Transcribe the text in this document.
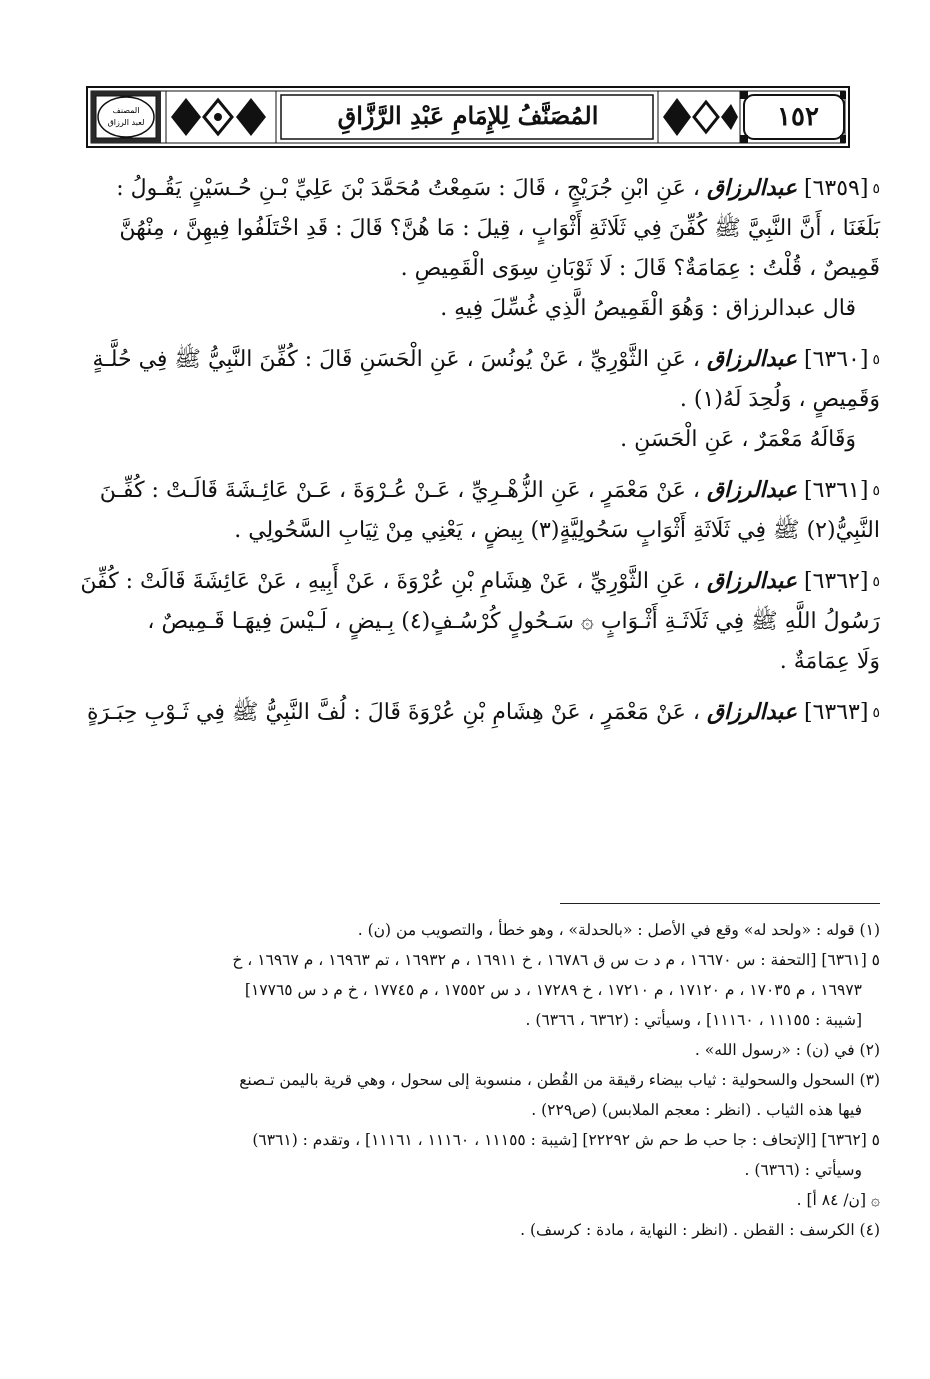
المصنف
لعبد الرزاق	المُصَنَّفُ لِلإِمَامِ عَبْدِ الرَّزَّاقِ	١٥٢

٥[٦٣٥٩] عبدالرزاق ، عَنِ ابْنِ جُرَيْجٍ ، قَالَ : سَمِعْتُ مُحَمَّدَ بْنَ عَلِيِّ بْـنِ حُـسَيْنٍ يَقُـولُ :

بَلَغَنَا ، أَنَّ النَّبِيَّ ﷺ كُفِّنَ فِي ثَلَاثَةِ أَثْوَابٍ ، قِيلَ : مَا هُنَّ؟ قَالَ : قَدِ اخْتَلَفُوا فِيهِنَّ ، مِنْهُنَّ

قَمِيصٌ ، قُلْتُ : عِمَامَةٌ؟ قَالَ : لَا ثَوْبَانِ سِوَى الْقَمِيصِ .

قال عبدالرزاق : وَهُوَ الْقَمِيصُ الَّذِي غُسِّلَ فِيهِ .

٥[٦٣٦٠] عبدالرزاق ، عَنِ الثَّوْرِيِّ ، عَنْ يُونُسَ ، عَنِ الْحَسَنِ قَالَ : كُفِّنَ النَّبِيُّ ﷺ فِي حُلَّـةٍ

وَقَمِيصٍ ، وَلُحِدَ لَهُ(١) .

وَقَالَهُ مَعْمَرٌ ، عَنِ الْحَسَنِ .

٥[٦٣٦١] عبدالرزاق ، عَنْ مَعْمَرٍ ، عَنِ الزُّهْـرِيِّ ، عَـنْ عُـرْوَةَ ، عَـنْ عَائِـشَةَ قَالَـتْ : كُفِّـنَ

النَّبِيُّ(٢) ﷺ فِي ثَلَاثَةِ أَثْوَابٍ سَحُولِيَّةٍ(٣) بِيضٍ ، يَعْنِي مِنْ ثِيَابِ السَّحُولِي .

٥[٦٣٦٢] عبدالرزاق ، عَنِ الثَّوْرِيِّ ، عَنْ هِشَامِ بْنِ عُرْوَةَ ، عَنْ أَبِيهِ ، عَنْ عَائِشَةَ قَالَتْ : كُفِّنَ

رَسُولُ اللَّهِ ﷺ فِي ثَلَاثَـةِ أَثْـوَابٍ ۞ سَـحُولٍ كُرْسُـفٍ(٤) بِـيضٍ ، لَـيْسَ فِيهَـا قَـمِيصٌ ،

وَلَا عِمَامَةٌ .

٥[٦٣٦٣] عبدالرزاق ، عَنْ مَعْمَرٍ ، عَنْ هِشَامِ بْنِ عُرْوَةَ قَالَ : لُفَّ النَّبِيُّ ﷺ فِي ثَـوْبِ حِبَـرَةٍ

(١) قوله : «ولحد له» وقع في الأصل : «بالحدلة» ، وهو خطأ ، والتصويب من (ن) .

٥ [٦٣٦١] [التحفة : س ١٦٦٧٠ ، م د ت س ق ١٦٧٨٦ ، خ ١٦٩١١ ، م ١٦٩٣٢ ، تم ١٦٩٦٣ ، م ١٦٩٦٧ ، خ

١٦٩٧٣ ، م ١٧٠٣٥ ، م ١٧١٢٠ ، م ١٧٢١٠ ، خ ١٧٢٨٩ ، د س ١٧٥٥٢ ، م ١٧٧٤٥ ، خ م د س ١٧٧٦٥]

[شيبة : ١١١٥٥ ، ١١١٦٠] ، وسيأتي : (٦٣٦٢ ، ٦٣٦٦) .

(٢) في (ن) : «رسول الله» .

(٣) السحول والسحولية : ثياب بيضاء رقيقة من القُطن ، منسوبة إلى سحول ، وهي قرية باليمن تـصنع

فيها هذه الثياب . (انظر : معجم الملابس) (ص٢٢٩) .

٥ [٦٣٦٢] [الإتحاف : جا حب ط حم ش ٢٢٢٩٢] [شيبة : ١١١٥٥ ، ١١١٦٠ ، ١١١٦١] ، وتقدم : (٦٣٦١)

وسيأتي : (٦٣٦٦) .

۞ [ن/ ٨٤ أ] .

(٤) الكرسف : القطن . (انظر : النهاية ، مادة : كرسف) .
